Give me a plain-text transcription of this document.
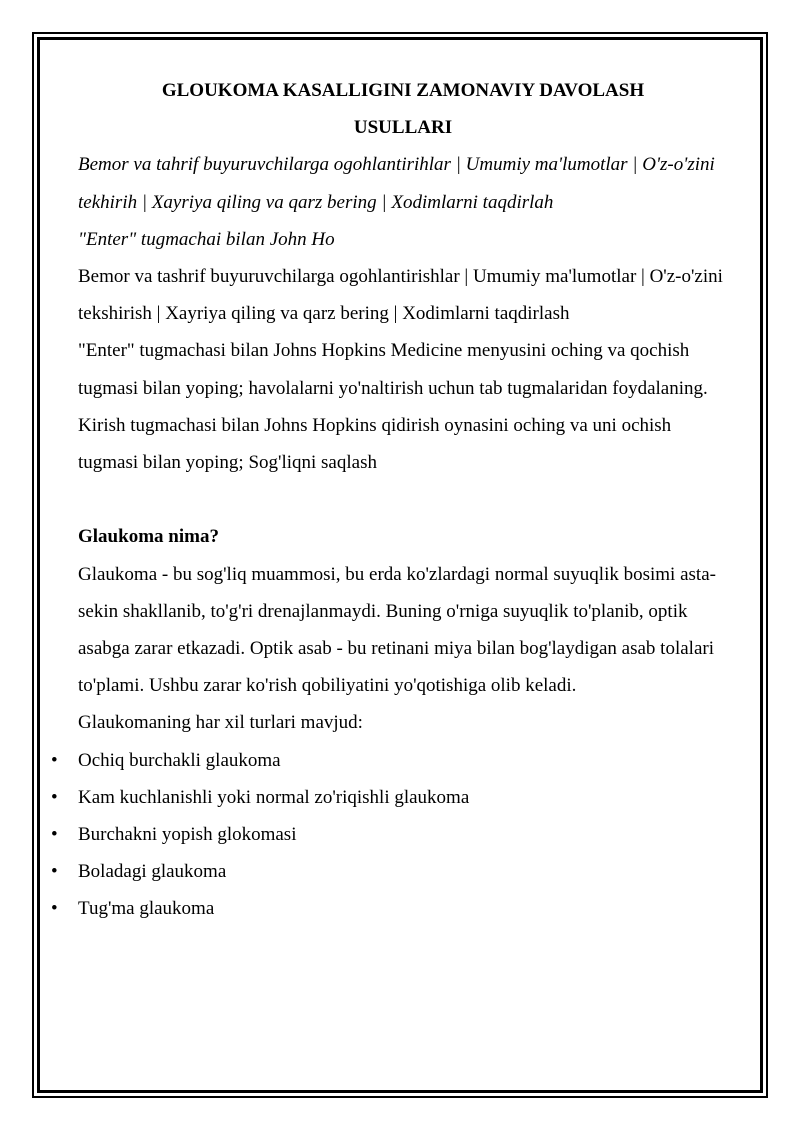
GLOUKOMA KASALLIGINI ZAMONAVIY DAVOLASH
USULLARI

Bemor va tahrif buyuruvchilarga ogohlantirihlar | Umumiy ma'lumotlar | O'z-o'zini tekhirih | Xayriya qiling va qarz bering | Xodimlarni taqdirlah

"Enter" tugmachai bilan John Ho

Bemor va tashrif buyuruvchilarga ogohlantirishlar | Umumiy ma'lumotlar | O'z-o'zini tekshirish | Xayriya qiling va qarz bering | Xodimlarni taqdirlash

"Enter" tugmachasi bilan Johns Hopkins Medicine menyusini oching va qochish tugmasi bilan yoping; havolalarni yo'naltirish uchun tab tugmalaridan foydalaning. Kirish tugmachasi bilan Johns Hopkins qidirish oynasini oching va uni ochish tugmasi bilan yoping; Sog'liqni saqlash

Glaukoma nima?

Glaukoma - bu sog'liq muammosi, bu erda ko'zlardagi normal suyuqlik bosimi asta-sekin shakllanib, to'g'ri drenajlanmaydi. Buning o'rniga suyuqlik to'planib, optik asabga zarar etkazadi. Optik asab - bu retinani miya bilan bog'laydigan asab tolalari to'plami. Ushbu zarar ko'rish qobiliyatini yo'qotishiga olib keladi.

Glaukomaning har xil turlari mavjud:

• Ochiq burchakli glaukoma
• Kam kuchlanishli yoki normal zo'riqishli glaukoma
• Burchakni yopish glokomasi
• Boladagi glaukoma
• Tug'ma glaukoma
